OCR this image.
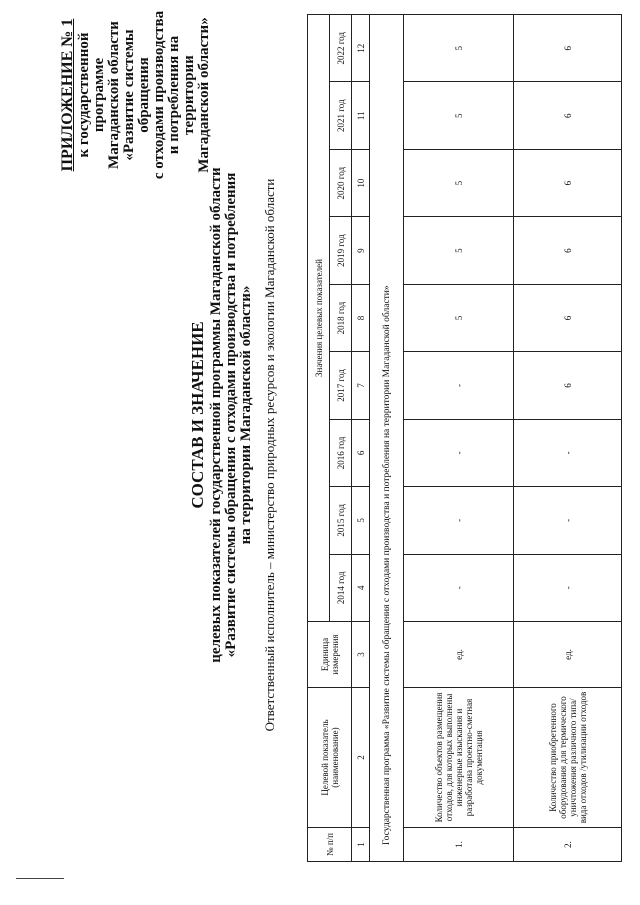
ПРИЛОЖЕНИЕ № 1 к государственной программе Магаданской области «Развитие системы обращения с отходами производства и потребления на территории Магаданской области»
СОСТАВ И ЗНАЧЕНИЕ целевых показателей государственной программы Магаданской области «Развитие системы обращения с отходами производства и потребления на территории Магаданской области» Ответственный исполнитель – министерство природных ресурсов и экологии Магаданской области
№ п/п	Целевой показатель (наименование)	Единица измерения	Значения целевых показателей								
			2014 год	2015 год	2016 год	2017 год	2018 год	2019 год	2020 год	2021 год	2022 год
1	2	3	4	5	6	7	8	9	10	11	12
Государственная программа «Развитие системы обращения с отходами производства и потребления на территории Магаданской области»											
1.	Количество объектов размещения отходов, для которых выполнены инженерные изыскания и разработана проектно-сметная документация	ед.	-	-	-	-	5	5	5	5	5
2.	Количество приобретенного оборудования для термического уничтожения различного типа/вида отходов /утилизации отходов	ед.	-	-	-	6	6	6	6	6	6
